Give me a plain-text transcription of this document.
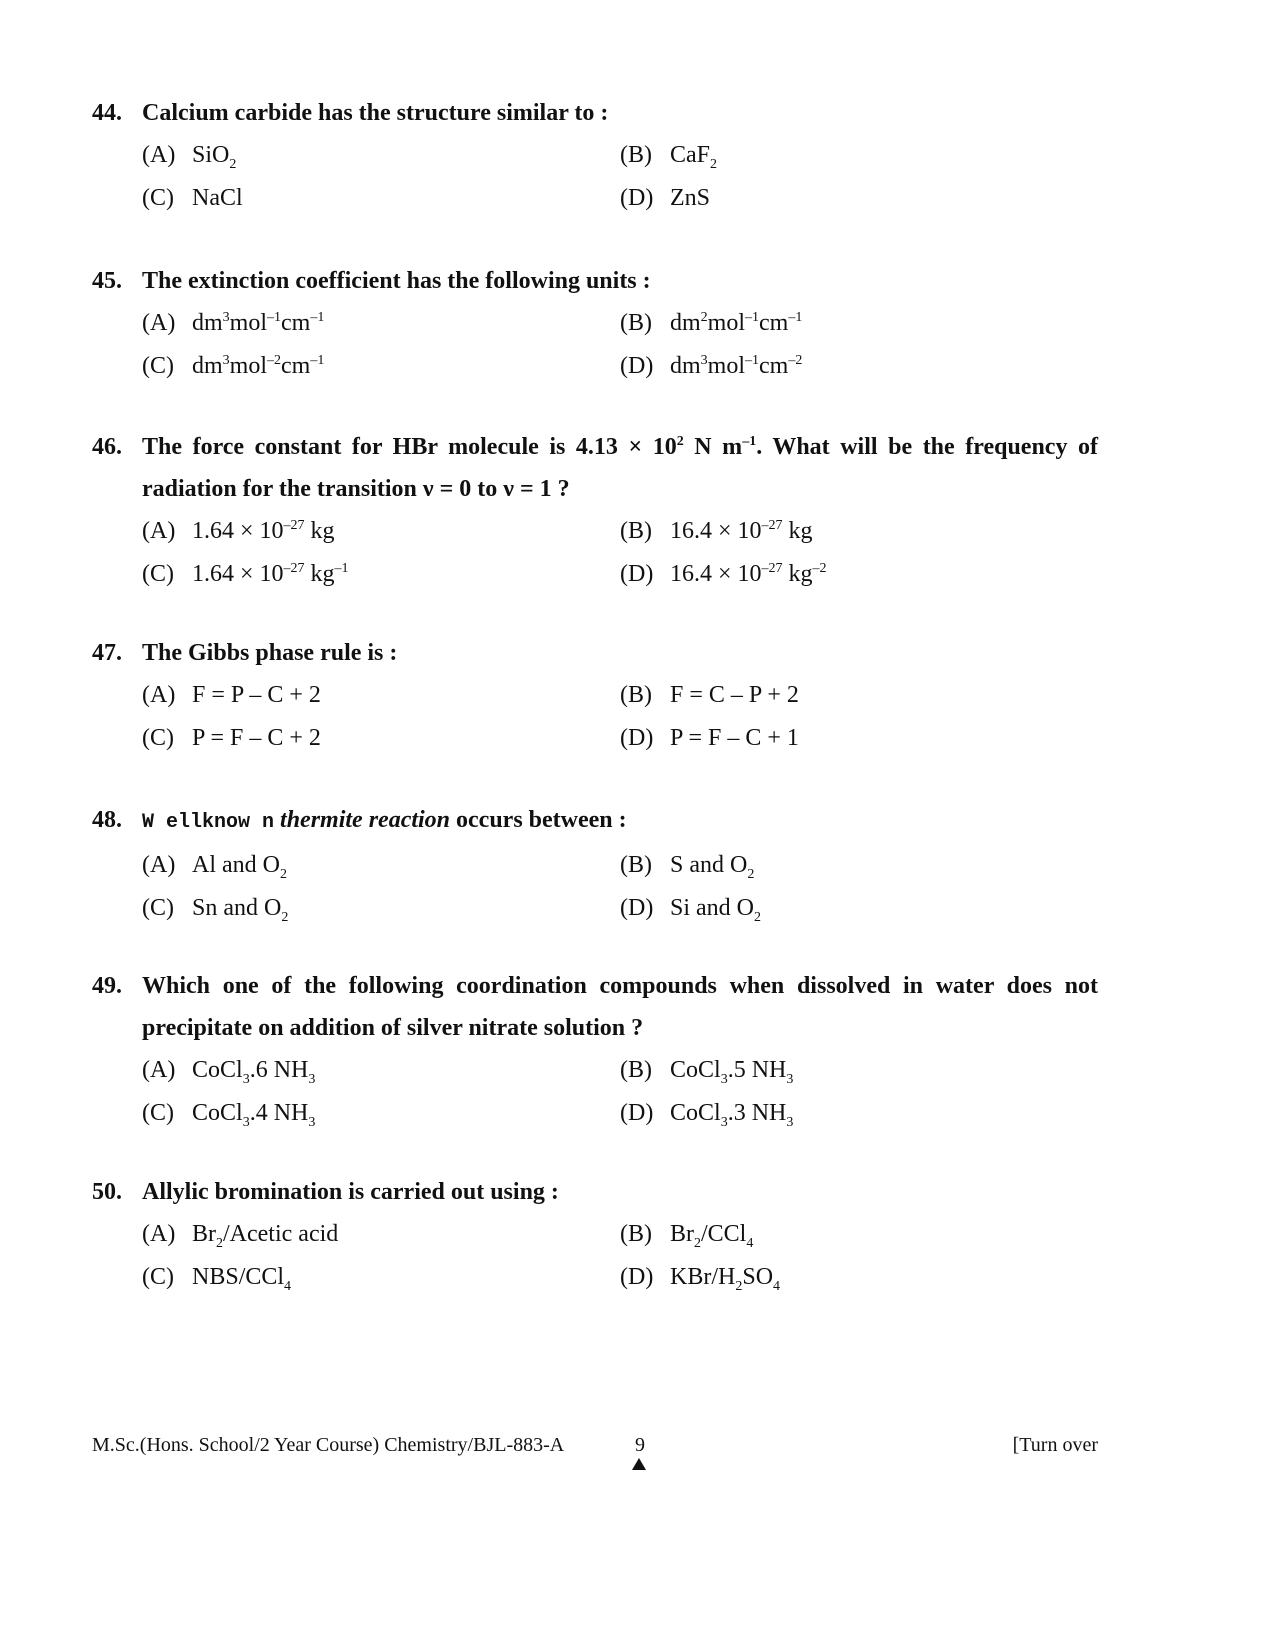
44. Calcium carbide has the structure similar to :
(A) SiO$_2$	(B) CaF$_2$
(C) NaCl	(D) ZnS
45. The extinction coefficient has the following units :
(A) $dm^3mol^{-1}cm^{-1}$	(B) $dm^2mol^{-1}cm^{-1}$
(C) $dm^3mol^{-2}cm^{-1}$	(D) $dm^3mol^{-1}cm^{-2}$
46. The force constant for HBr molecule is $4.13 \times 10^2$ N $m^{-1}$. What will be the frequency of radiation for the transition ν = 0 to ν = 1 ?
(A) $1.64 \times 10^{-27}$ kg	(B) $16.4 \times 10^{-27}$ kg
(C) $1.64 \times 10^{-27}$ $kg^{-1}$	(D) $16.4 \times 10^{-27}$ $kg^{-2}$
47. The Gibbs phase rule is :
(A) F = P – C + 2	(B) F = C – P + 2
(C) P = F – C + 2	(D) P = F – C + 1
48. W ellknow n thermite reaction occurs between :
(A) Al and $O_2$	(B) S and $O_2$
(C) Sn and $O_2$	(D) Si and $O_2$
49. Which one of the following coordination compounds when dissolved in water does not precipitate on addition of silver nitrate solution ?
(A) CoCl$_3$.6 $NH_3$	(B) CoCl$_3$.5 $NH_3$
(C) CoCl$_3$.4 $NH_3$	(D) CoCl$_3$.3 $NH_3$
50. Allylic bromination is carried out using :
(A) $Br_2$/Acetic acid	(B) $Br_2/CCl_4$
(C) NBS/CCl$_4$	(D) KBr/$H_2SO_4$
M.Sc.(Hons. School/2 Year Course) Chemistry/BJL-883-A	9	[Turn over
